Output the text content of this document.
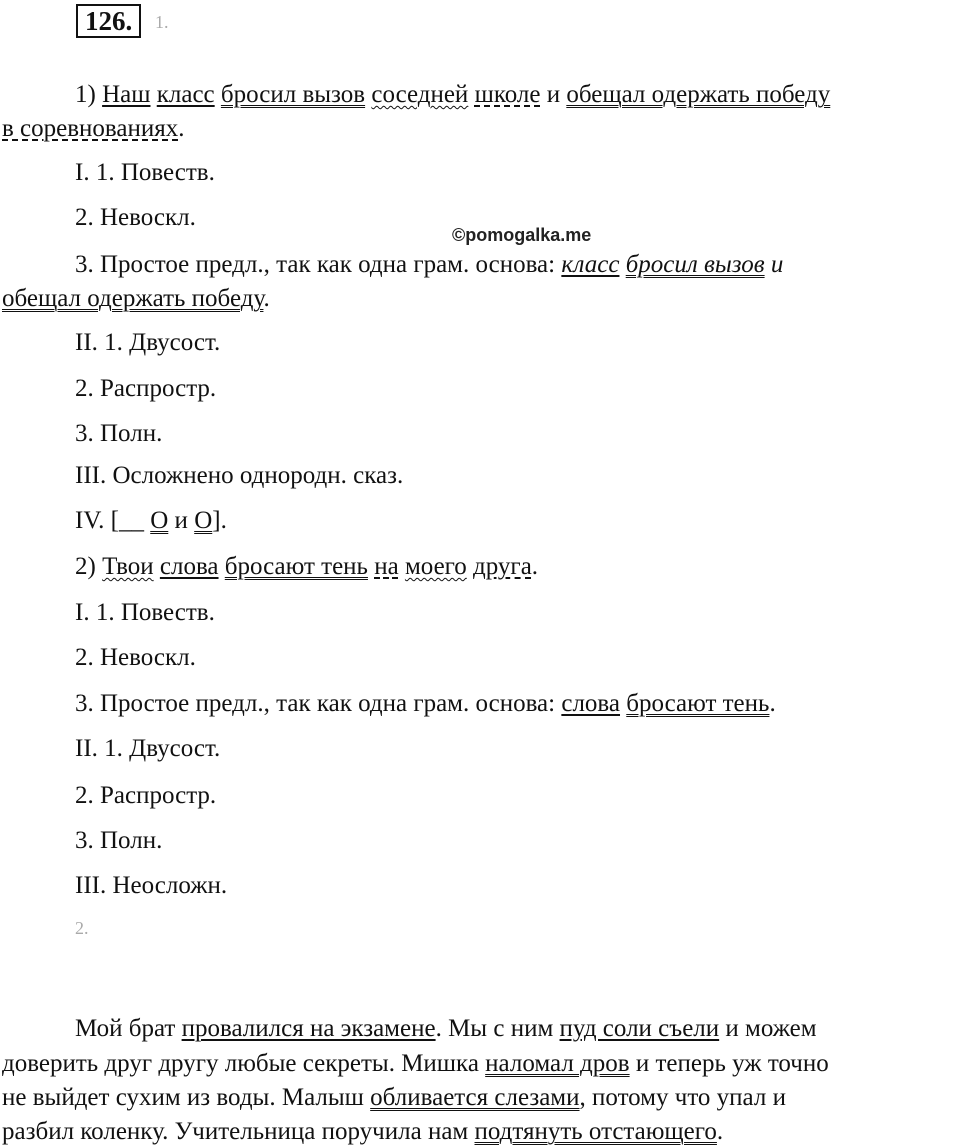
126.	1.
1) Наш класс бросил вызов соседней школе и обещал одержать победу
в соревнованиях.
I. 1. Повеств.
2. Невоскл.
©pomogalka.me
3. Простое предл., так как одна грам. основа: класс бросил вызов и
обещал одержать победу.
II. 1. Двусост.
2. Распростр.
3. Полн.
III. Осложнено однородн. сказ.
IV. [__ О и О].
2) Твои слова бросают тень на моего друга.
I. 1. Повеств.
2. Невоскл.
3. Простое предл., так как одна грам. основа: слова бросают тень.
II. 1. Двусост.
2. Распростр.
3. Полн.
III. Неосложн.
2.
Мой брат провалился на экзамене. Мы с ним пуд соли съели и можем
доверить друг другу любые секреты. Мишка наломал дров и теперь уж точно
не выйдет сухим из воды. Малыш обливается слезами, потому что упал и
разбил коленку. Учительница поручила нам подтянуть отстающего.
